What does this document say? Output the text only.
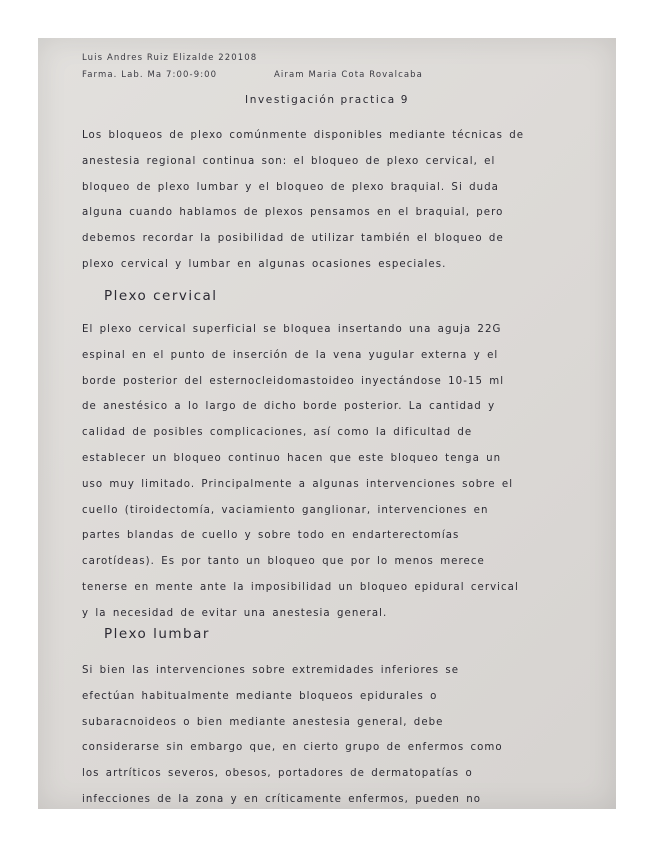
Luis Andres Ruiz Elizalde 220108
Farma. Lab. Ma 7:00-9:00	Airam Maria Cota Rovalcaba
Investigación practica 9
Los bloqueos de plexo comúnmente disponibles mediante técnicas de
anestesia regional continua son: el bloqueo de plexo cervical, el
bloqueo de plexo lumbar y el bloqueo de plexo braquial. Si duda
alguna cuando hablamos de plexos pensamos en el braquial, pero
debemos recordar la posibilidad de utilizar también el bloqueo de
plexo cervical y lumbar en algunas ocasiones especiales.
Plexo cervical
El plexo cervical superficial se bloquea insertando una aguja 22G
espinal en el punto de inserción de la vena yugular externa y el
borde posterior del esternocleidomastoideo inyectándose 10-15 ml
de anestésico a lo largo de dicho borde posterior. La cantidad y
calidad de posibles complicaciones, así como la dificultad de
establecer un bloqueo continuo hacen que este bloqueo tenga un
uso muy limitado. Principalmente a algunas intervenciones sobre el
cuello (tiroidectomía, vaciamiento ganglionar, intervenciones en
partes blandas de cuello y sobre todo en endarterectomías
carotídeas). Es por tanto un bloqueo que por lo menos merece
tenerse en mente ante la imposibilidad un bloqueo epidural cervical
y la necesidad de evitar una anestesia general.
Plexo lumbar
Si bien las intervenciones sobre extremidades inferiores se
efectúan habitualmente mediante bloqueos epidurales o
subaracnoideos o bien mediante anestesia general, debe
considerarse sin embargo que, en cierto grupo de enfermos como
los artríticos severos, obesos, portadores de dermatopatías o
infecciones de la zona y en críticamente enfermos, pueden no
